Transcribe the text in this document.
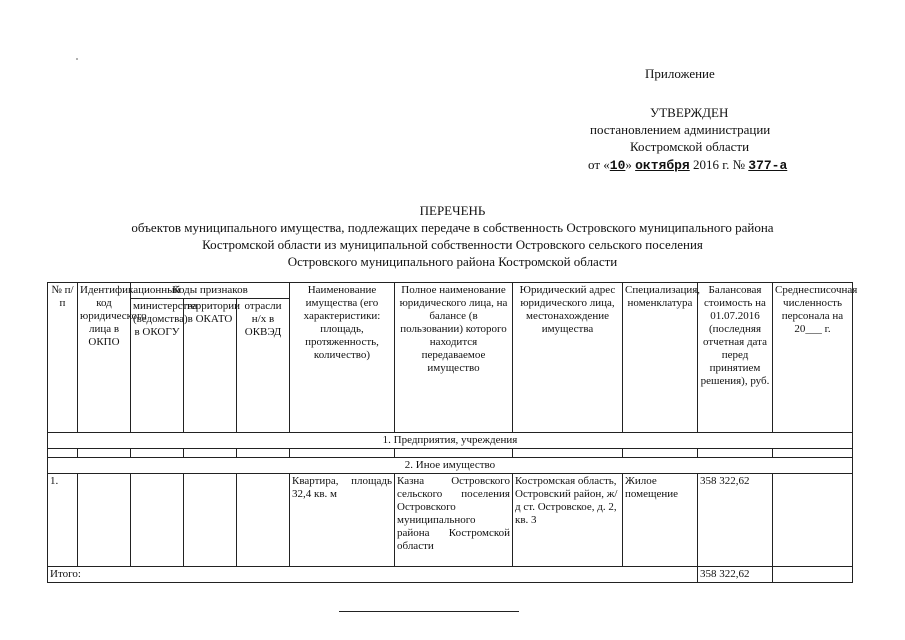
Приложение
УТВЕРЖДЕН
постановлением администрации
Костромской области
от «10» октября 2016 г. № 377-а
ПЕРЕЧЕНЬ
объектов муниципального имущества, подлежащих передаче в собственность Островского муниципального района
Костромской области из муниципальной собственности Островского сельского поселения
Островского муниципального района Костромской области
№ п/п	Идентификационный код юридического лица в ОКПО	Коды признаков			Наименование имущества (его характеристики: площадь, протяженность, количество)	Полное наименование юридического лица, на балансе (в пользовании) которого находится передаваемое имущество	Юридический адрес юридического лица, местонахождение имущества	Специализация, номенклатура	Балансовая стоимость на 01.07.2016 (последняя отчетная дата перед принятием решения), руб.	Среднесписочная численность персонала на 20___ г.
		министерства (ведомства) в ОКОГУ	территории в ОКАТО	отрасли н/х в ОКВЭД						
1. Предприятия, учреждения										

2. Иное имущество										
1.					Квартира, площадь 32,4 кв. м	Казна Островского сельского поселения Островского муниципального района Костромской области	Костромская область, Островский район, ж/д ст. Островское, д. 2, кв. 3	Жилое помещение	358 322,62	
Итого:									358 322,62	
